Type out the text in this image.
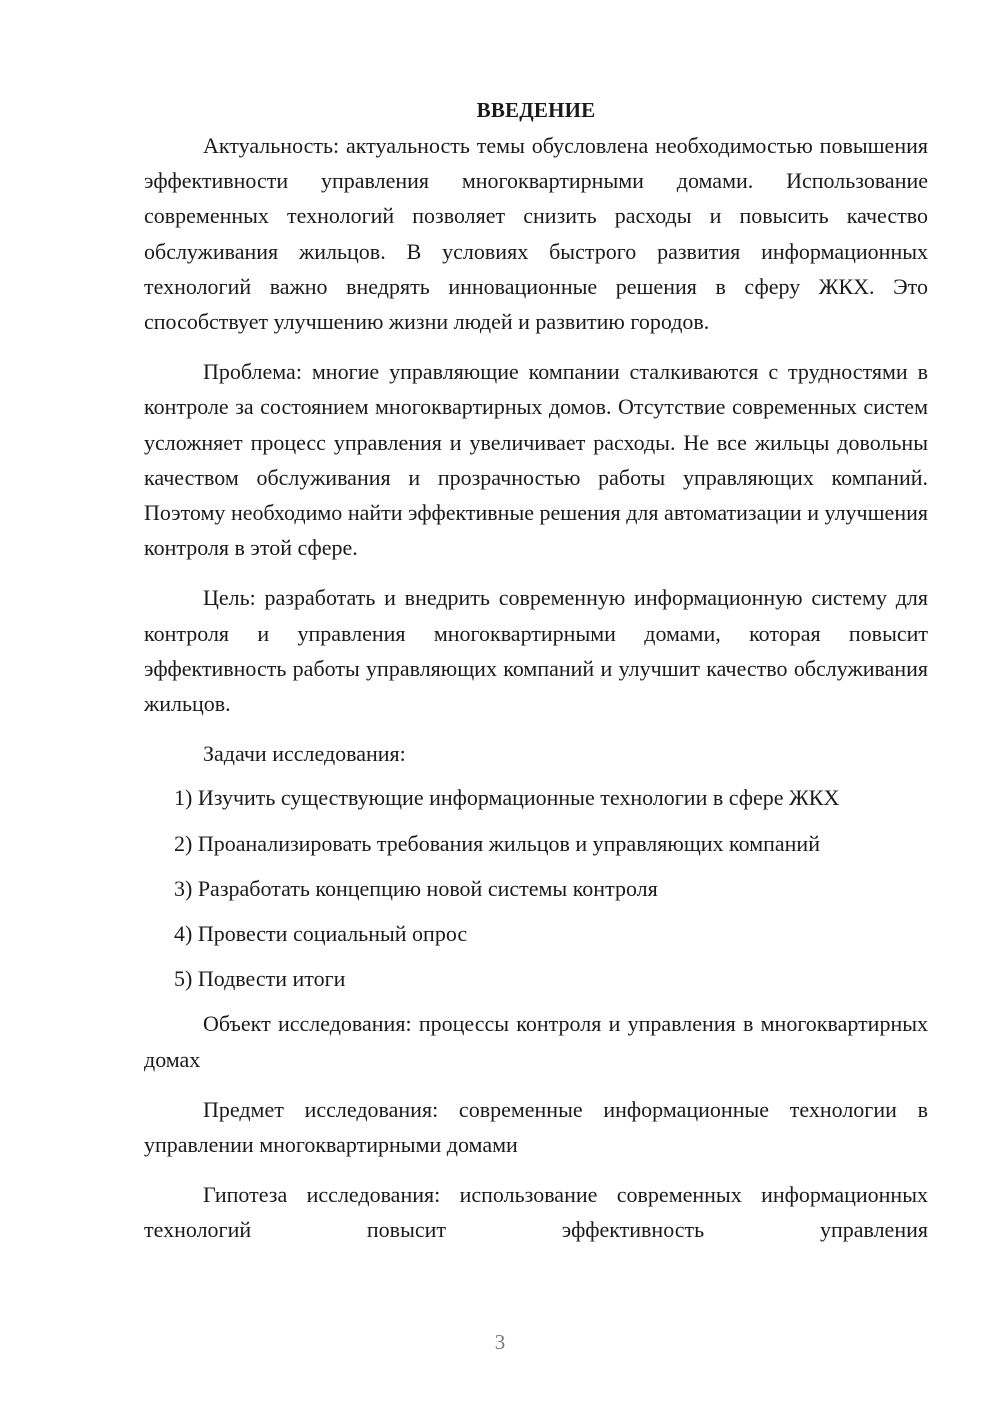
ВВЕДЕНИЕ

Актуальность: актуальность темы обусловлена необходимостью повышения эффективности управления многоквартирными домами. Использование современных технологий позволяет снизить расходы и повысить качество обслуживания жильцов. В условиях быстрого развития информационных технологий важно внедрять инновационные решения в сферу ЖКХ. Это способствует улучшению жизни людей и развитию городов.

Проблема: многие управляющие компании сталкиваются с трудностями в контроле за состоянием многоквартирных домов. Отсутствие современных систем усложняет процесс управления и увеличивает расходы. Не все жильцы довольны качеством обслуживания и прозрачностью работы управляющих компаний. Поэтому необходимо найти эффективные решения для автоматизации и улучшения контроля в этой сфере.

Цель: разработать и внедрить современную информационную систему для контроля и управления многоквартирными домами, которая повысит эффективность работы управляющих компаний и улучшит качество обслуживания жильцов.

Задачи исследования:

1) Изучить существующие информационные технологии в сфере ЖКХ
2) Проанализировать требования жильцов и управляющих компаний
3) Разработать концепцию новой системы контроля
4) Провести социальный опрос
5) Подвести итоги

Объект исследования: процессы контроля и управления в многоквартирных домах

Предмет исследования: современные информационные технологии в управлении многоквартирными домами

Гипотеза исследования: использование современных информационных технологий повысит эффективность управления

3
